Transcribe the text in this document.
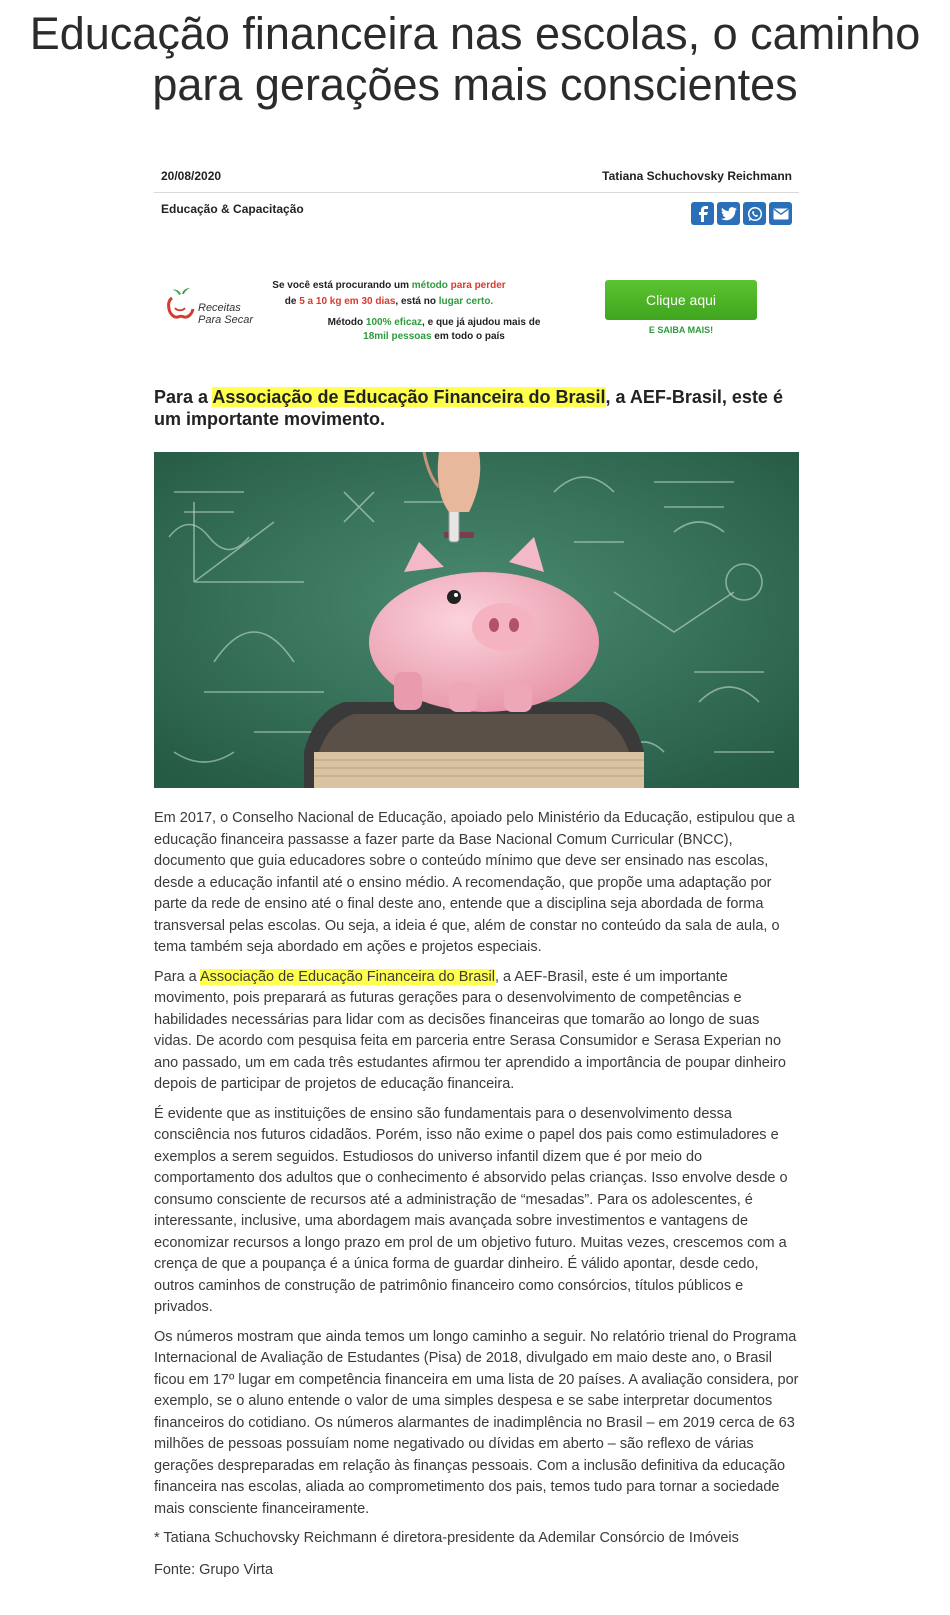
Educação financeira nas escolas, o caminho para gerações mais conscientes
20/08/2020	Tatiana Schuchovsky Reichmann
Educação & Capacitação
Receitas
Para Secar
Se você está procurando um método para perder
de 5 a 10 kg em 30 dias, está no lugar certo.
Método 100% eficaz, e que já ajudou mais de
18mil pessoas em todo o país
Clique aqui
E SAIBA MAIS!
Para a Associação de Educação Financeira do Brasil, a AEF-Brasil, este é um importante movimento.

Em 2017, o Conselho Nacional de Educação, apoiado pelo Ministério da Educação, estipulou que a educação financeira passasse a fazer parte da Base Nacional Comum Curricular (BNCC), documento que guia educadores sobre o conteúdo mínimo que deve ser ensinado nas escolas, desde a educação infantil até o ensino médio. A recomendação, que propõe uma adaptação por parte da rede de ensino até o final deste ano, entende que a disciplina seja abordada de forma transversal pelas escolas. Ou seja, a ideia é que, além de constar no conteúdo da sala de aula, o tema também seja abordado em ações e projetos especiais.

Para a Associação de Educação Financeira do Brasil, a AEF-Brasil, este é um importante movimento, pois preparará as futuras gerações para o desenvolvimento de competências e habilidades necessárias para lidar com as decisões financeiras que tomarão ao longo de suas vidas. De acordo com pesquisa feita em parceria entre Serasa Consumidor e Serasa Experian no ano passado, um em cada três estudantes afirmou ter aprendido a importância de poupar dinheiro depois de participar de projetos de educação financeira.

É evidente que as instituições de ensino são fundamentais para o desenvolvimento dessa consciência nos futuros cidadãos. Porém, isso não exime o papel dos pais como estimuladores e exemplos a serem seguidos. Estudiosos do universo infantil dizem que é por meio do comportamento dos adultos que o conhecimento é absorvido pelas crianças. Isso envolve desde o consumo consciente de recursos até a administração de “mesadas”. Para os adolescentes, é interessante, inclusive, uma abordagem mais avançada sobre investimentos e vantagens de economizar recursos a longo prazo em prol de um objetivo futuro. Muitas vezes, crescemos com a crença de que a poupança é a única forma de guardar dinheiro. É válido apontar, desde cedo, outros caminhos de construção de patrimônio financeiro como consórcios, títulos públicos e privados.

Os números mostram que ainda temos um longo caminho a seguir. No relatório trienal do Programa Internacional de Avaliação de Estudantes (Pisa) de 2018, divulgado em maio deste ano, o Brasil ficou em 17º lugar em competência financeira em uma lista de 20 países. A avaliação considera, por exemplo, se o aluno entende o valor de uma simples despesa e se sabe interpretar documentos financeiros do cotidiano. Os números alarmantes de inadimplência no Brasil – em 2019 cerca de 63 milhões de pessoas possuíam nome negativado ou dívidas em aberto – são reflexo de várias gerações despreparadas em relação às finanças pessoais. Com a inclusão definitiva da educação financeira nas escolas, aliada ao comprometimento dos pais, temos tudo para tornar a sociedade mais consciente financeiramente.

* Tatiana Schuchovsky Reichmann é diretora-presidente da Ademilar Consórcio de Imóveis

Fonte: Grupo Virta
